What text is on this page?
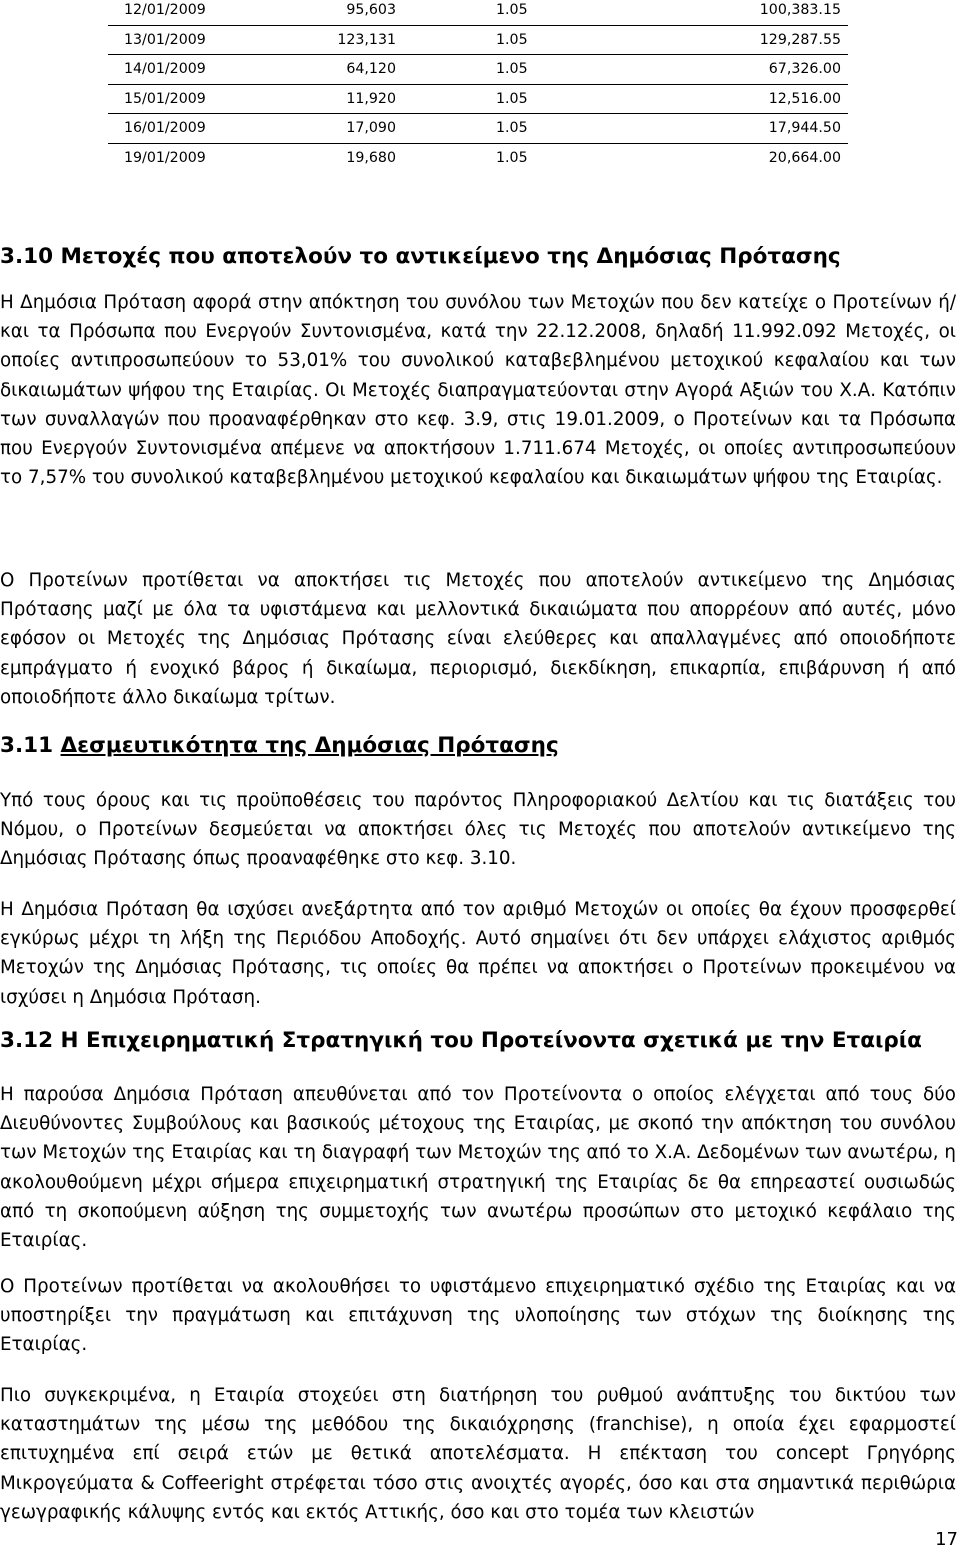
12/01/2009	95,603	1.05	100,383.15
13/01/2009	123,131	1.05	129,287.55
14/01/2009	64,120	1.05	67,326.00
15/01/2009	11,920	1.05	12,516.00
16/01/2009	17,090	1.05	17,944.50
19/01/2009	19,680	1.05	20,664.00
3.10 Μετοχές που αποτελούν το αντικείμενο της Δημόσιας Πρότασης
Η Δημόσια Πρόταση αφορά στην απόκτηση του συνόλου των Μετοχών που δεν κατείχε ο Προτείνων ή/και τα Πρόσωπα που Ενεργούν Συντονισμένα, κατά την 22.12.2008, δηλαδή 11.992.092 Μετοχές, οι οποίες αντιπροσωπεύουν το 53,01% του συνολικού καταβεβλημένου μετοχικού κεφαλαίου και των δικαιωμάτων ψήφου της Εταιρίας. Οι Μετοχές διαπραγματεύονται στην Αγορά Αξιών του Χ.Α. Κατόπιν των συναλλαγών που προαναφέρθηκαν στο κεφ. 3.9, στις 19.01.2009, ο Προτείνων και τα Πρόσωπα που Ενεργούν Συντονισμένα απέμενε να αποκτήσουν 1.711.674 Μετοχές, οι οποίες αντιπροσωπεύουν το 7,57% του συνολικού καταβεβλημένου μετοχικού κεφαλαίου και δικαιωμάτων ψήφου της Εταιρίας.
Ο Προτείνων προτίθεται να αποκτήσει τις Μετοχές που αποτελούν αντικείμενο της Δημόσιας Πρότασης μαζί με όλα τα υφιστάμενα και μελλοντικά δικαιώματα που απορρέουν από αυτές, μόνο εφόσον οι Μετοχές της Δημόσιας Πρότασης είναι ελεύθερες και απαλλαγμένες από οποιοδήποτε εμπράγματο ή ενοχικό βάρος ή δικαίωμα, περιορισμό, διεκδίκηση, επικαρπία, επιβάρυνση ή από οποιοδήποτε άλλο δικαίωμα τρίτων.
3.11 Δεσμευτικότητα της Δημόσιας Πρότασης
Υπό τους όρους και τις προϋποθέσεις του παρόντος Πληροφοριακού Δελτίου και τις διατάξεις του Νόμου, ο Προτείνων δεσμεύεται να αποκτήσει όλες τις Μετοχές που αποτελούν αντικείμενο της Δημόσιας Πρότασης όπως προαναφέθηκε στο κεφ. 3.10.
Η Δημόσια Πρόταση θα ισχύσει ανεξάρτητα από τον αριθμό Μετοχών οι οποίες θα έχουν προσφερθεί εγκύρως μέχρι τη λήξη της Περιόδου Αποδοχής. Αυτό σημαίνει ότι δεν υπάρχει ελάχιστος αριθμός Μετοχών της Δημόσιας Πρότασης, τις οποίες θα πρέπει να αποκτήσει ο Προτείνων προκειμένου να ισχύσει η Δημόσια Πρόταση.
3.12 Η Επιχειρηματική Στρατηγική του Προτείνοντα σχετικά με την Εταιρία
Η παρούσα Δημόσια Πρόταση απευθύνεται από τον Προτείνοντα ο οποίος ελέγχεται από τους δύο Διευθύνοντες Συμβούλους και βασικούς μέτοχους της Εταιρίας, με σκοπό την απόκτηση του συνόλου των Μετοχών της Εταιρίας και τη διαγραφή των Μετοχών της από το Χ.Α. Δεδομένων των ανωτέρω, η ακολουθούμενη μέχρι σήμερα επιχειρηματική στρατηγική της Εταιρίας δε θα επηρεαστεί ουσιωδώς από τη σκοπούμενη αύξηση της συμμετοχής των ανωτέρω προσώπων στο μετοχικό κεφάλαιο της Εταιρίας.
Ο Προτείνων προτίθεται να ακολουθήσει το υφιστάμενο επιχειρηματικό σχέδιο της Εταιρίας και να υποστηρίξει την πραγμάτωση και επιτάχυνση της υλοποίησης των στόχων της διοίκησης της Εταιρίας.
Πιο συγκεκριμένα, η Εταιρία στοχεύει στη διατήρηση του ρυθμού ανάπτυξης του δικτύου των καταστημάτων της μέσω της μεθόδου της δικαιόχρησης (franchise), η οποία έχει εφαρμοστεί επιτυχημένα επί σειρά ετών με θετικά αποτελέσματα. Η επέκταση του concept Γρηγόρης Μικρογεύματα & Coffeeright στρέφεται τόσο στις ανοιχτές αγορές, όσο και στα σημαντικά περιθώρια γεωγραφικής κάλυψης εντός και εκτός Αττικής, όσο και στο τομέα των κλειστών
17
